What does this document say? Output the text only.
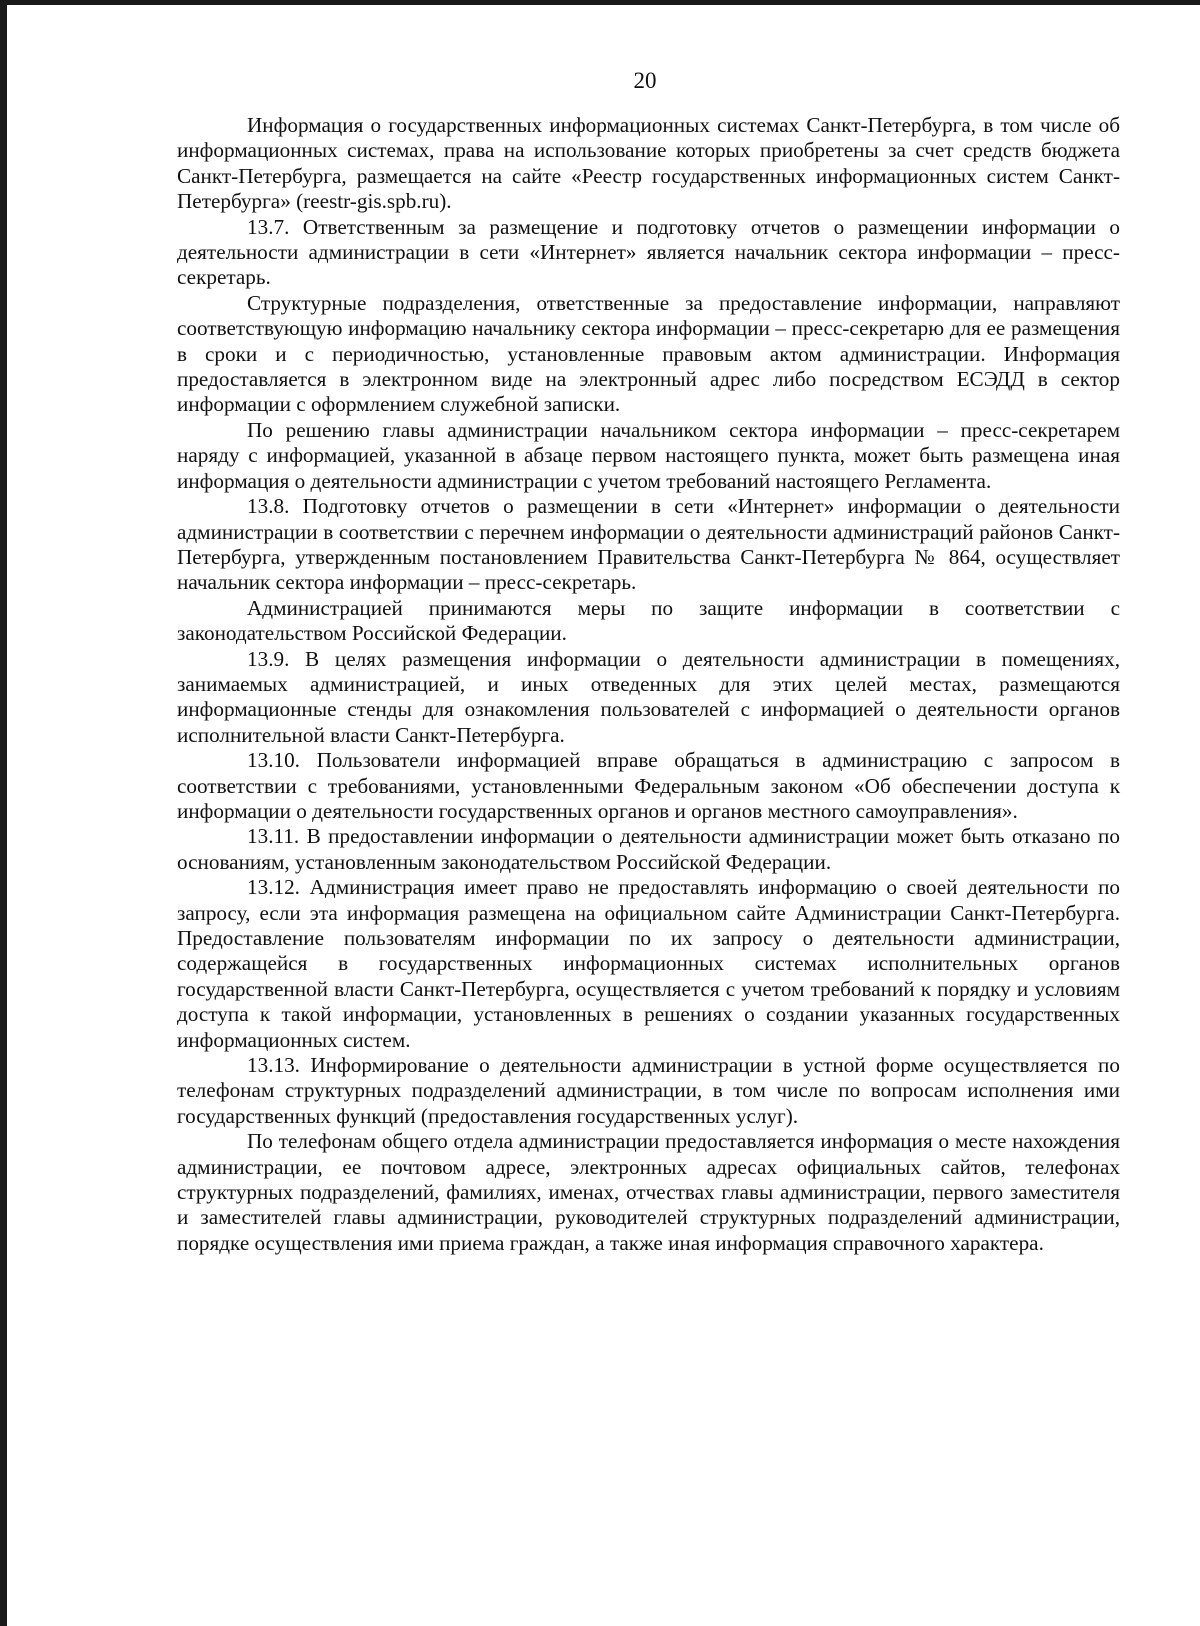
20

Информация о государственных информационных системах Санкт-Петербурга, в том числе об информационных системах, права на использование которых приобретены за счет средств бюджета Санкт-Петербурга, размещается на сайте «Реестр государственных информационных систем Санкт-Петербурга» (reestr-gis.spb.ru).

13.7. Ответственным за размещение и подготовку отчетов о размещении информации о деятельности администрации в сети «Интернет» является начальник сектора информации – пресс-секретарь.

Структурные подразделения, ответственные за предоставление информации, направляют соответствующую информацию начальнику сектора информации – пресс-секретарю для ее размещения в сроки и с периодичностью, установленные правовым актом администрации. Информация предоставляется в электронном виде на электронный адрес либо посредством ЕСЭДД в сектор информации с оформлением служебной записки.

По решению главы администрации начальником сектора информации – пресс-секретарем наряду с информацией, указанной в абзаце первом настоящего пункта, может быть размещена иная информация о деятельности администрации с учетом требований настоящего Регламента.

13.8. Подготовку отчетов о размещении в сети «Интернет» информации о деятельности администрации в соответствии с перечнем информации о деятельности администраций районов Санкт-Петербурга, утвержденным постановлением Правительства Санкт-Петербурга № 864, осуществляет начальник сектора информации – пресс-секретарь.

Администрацией принимаются меры по защите информации в соответствии с законодательством Российской Федерации.

13.9. В целях размещения информации о деятельности администрации в помещениях, занимаемых администрацией, и иных отведенных для этих целей местах, размещаются информационные стенды для ознакомления пользователей с информацией о деятельности органов исполнительной власти Санкт-Петербурга.

13.10. Пользователи информацией вправе обращаться в администрацию с запросом в соответствии с требованиями, установленными Федеральным законом «Об обеспечении доступа к информации о деятельности государственных органов и органов местного самоуправления».

13.11. В предоставлении информации о деятельности администрации может быть отказано по основаниям, установленным законодательством Российской Федерации.

13.12. Администрация имеет право не предоставлять информацию о своей деятельности по запросу, если эта информация размещена на официальном сайте Администрации Санкт-Петербурга. Предоставление пользователям информации по их запросу о деятельности администрации, содержащейся в государственных информационных системах исполнительных органов государственной власти Санкт-Петербурга, осуществляется с учетом требований к порядку и условиям доступа к такой информации, установленных в решениях о создании указанных государственных информационных систем.

13.13. Информирование о деятельности администрации в устной форме осуществляется по телефонам структурных подразделений администрации, в том числе по вопросам исполнения ими государственных функций (предоставления государственных услуг).

По телефонам общего отдела администрации предоставляется информация о месте нахождения администрации, ее почтовом адресе, электронных адресах официальных сайтов, телефонах структурных подразделений, фамилиях, именах, отчествах главы администрации, первого заместителя и заместителей главы администрации, руководителей структурных подразделений администрации, порядке осуществления ими приема граждан, а также иная информация справочного характера.
